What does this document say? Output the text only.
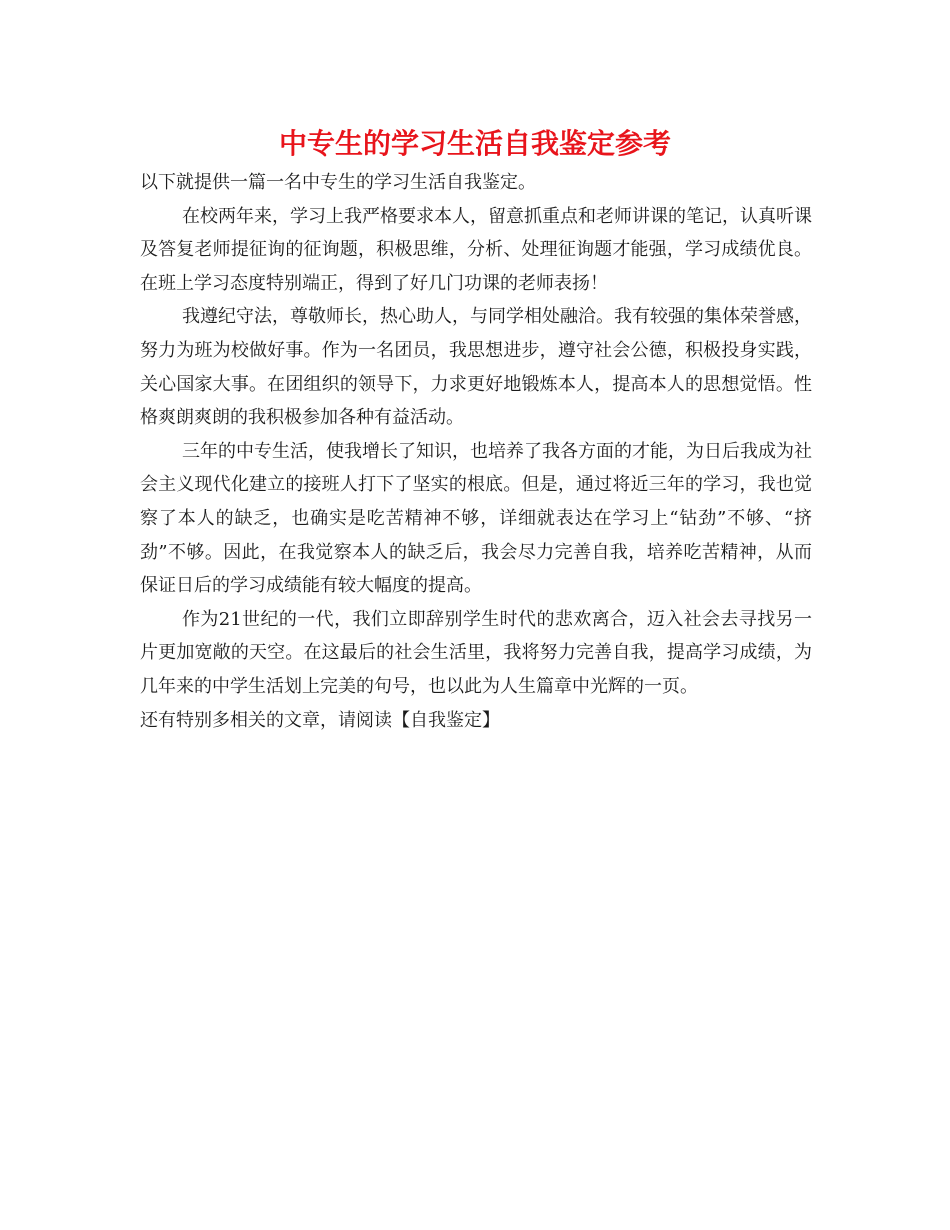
中专生的学习生活自我鉴定参考

以下就提供一篇一名中专生的学习生活自我鉴定。

在校两年来，学习上我严格要求本人，留意抓重点和老师讲课的笔记，认真听课及答复老师提征询的征询题，积极思维，分析、处理征询题才能强，学习成绩优良。在班上学习态度特别端正，得到了好几门功课的老师表扬！

我遵纪守法，尊敬师长，热心助人，与同学相处融洽。我有较强的集体荣誉感，努力为班为校做好事。作为一名团员，我思想进步，遵守社会公德，积极投身实践，关心国家大事。在团组织的领导下，力求更好地锻炼本人，提高本人的思想觉悟。性格爽朗爽朗的我积极参加各种有益活动。

三年的中专生活，使我增长了知识，也培养了我各方面的才能，为日后我成为社会主义现代化建立的接班人打下了坚实的根底。但是，通过将近三年的学习，我也觉察了本人的缺乏，也确实是吃苦精神不够，详细就表达在学习上“钻劲”不够、“挤劲”不够。因此，在我觉察本人的缺乏后，我会尽力完善自我，培养吃苦精神，从而保证日后的学习成绩能有较大幅度的提高。

作为21世纪的一代，我们立即辞别学生时代的悲欢离合，迈入社会去寻找另一片更加宽敞的天空。在这最后的社会生活里，我将努力完善自我，提高学习成绩，为几年来的中学生活划上完美的句号，也以此为人生篇章中光辉的一页。

还有特别多相关的文章，请阅读【自我鉴定】
